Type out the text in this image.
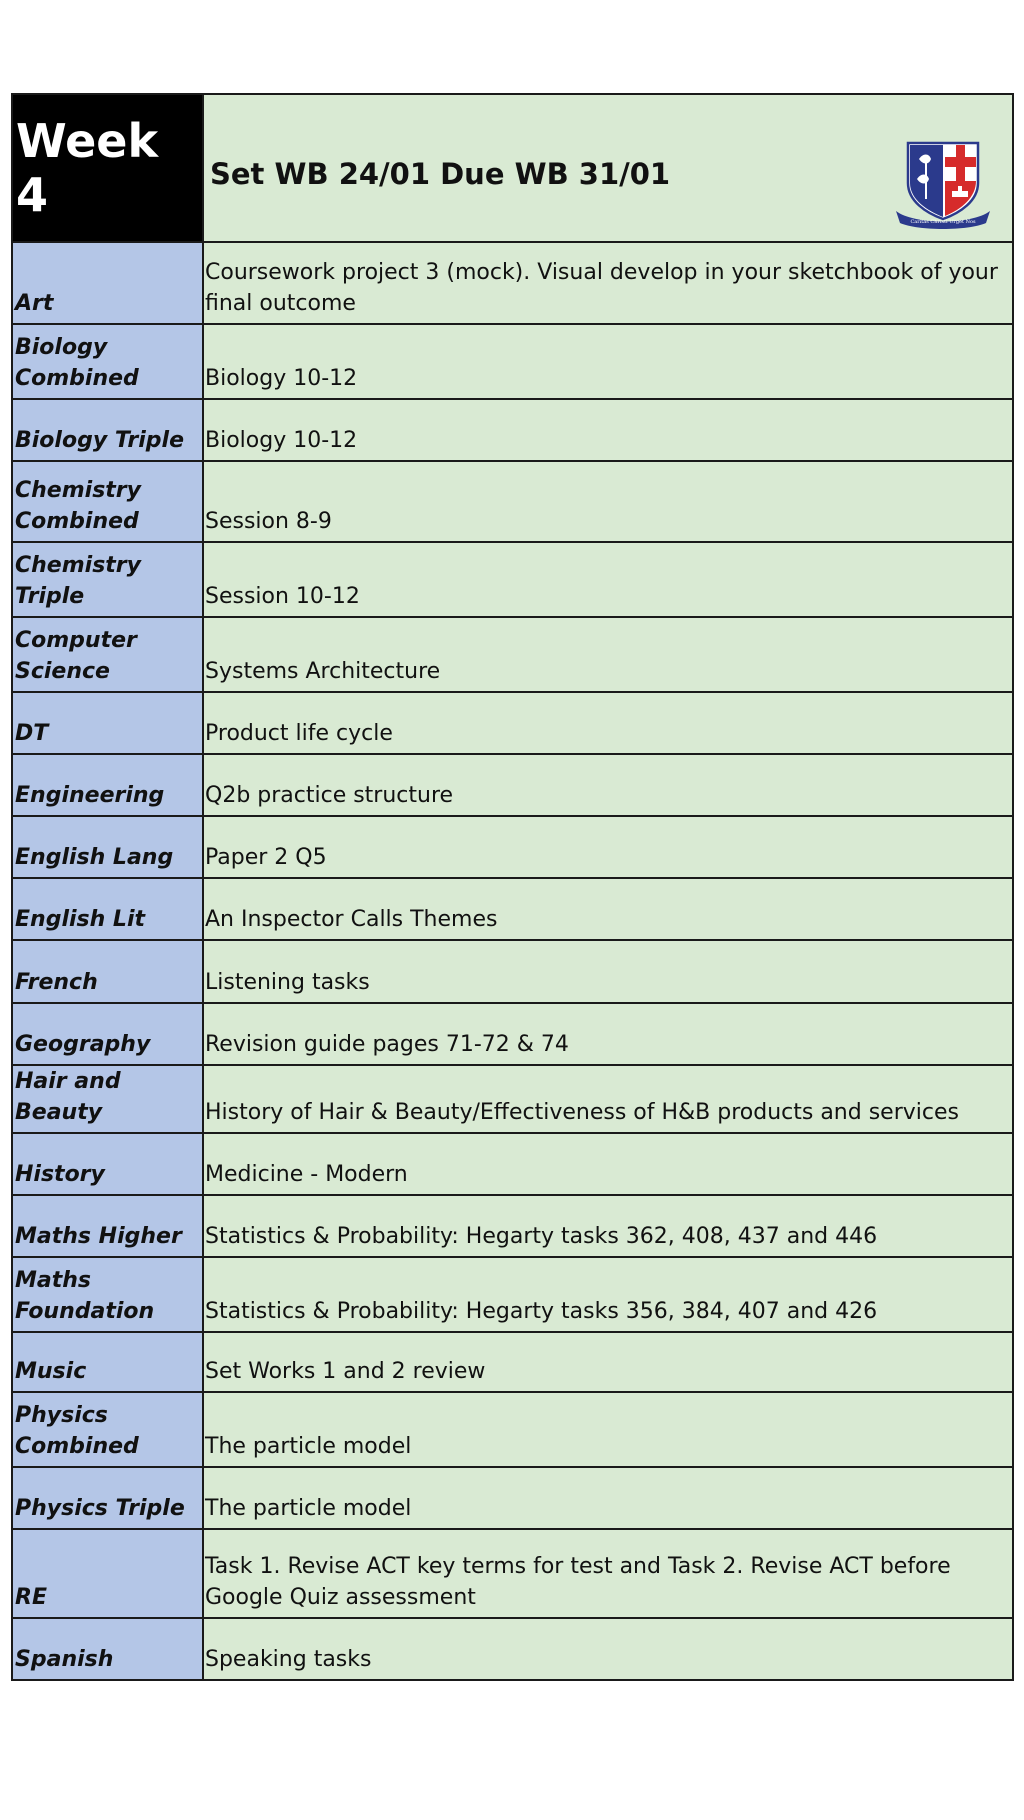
Week 4	Set WB 24/01 Due WB 31/01
Caritas Christi Urget Nos

Art	Coursework project 3 (mock). Visual develop in your sketchbook of your final outcome
Biology Combined	Biology 10-12
Biology Triple	Biology 10-12
Chemistry Combined	Session 8-9
Chemistry Triple	Session 10-12
Computer Science	Systems Architecture
DT	Product life cycle
Engineering	Q2b practice structure
English Lang	Paper 2 Q5
English Lit	An Inspector Calls Themes
French	Listening tasks
Geography	Revision guide pages 71-72 & 74
Hair and Beauty	History of Hair & Beauty/Effectiveness of H&B products and services
History	Medicine - Modern
Maths Higher	Statistics & Probability: Hegarty tasks 362, 408, 437 and 446
Maths Foundation	Statistics & Probability: Hegarty tasks 356, 384, 407 and 426
Music	Set Works 1 and 2 review
Physics Combined	The particle model
Physics Triple	The particle model
RE	Task 1. Revise ACT key terms for test and Task 2. Revise ACT before Google Quiz assessment
Spanish	Speaking tasks
